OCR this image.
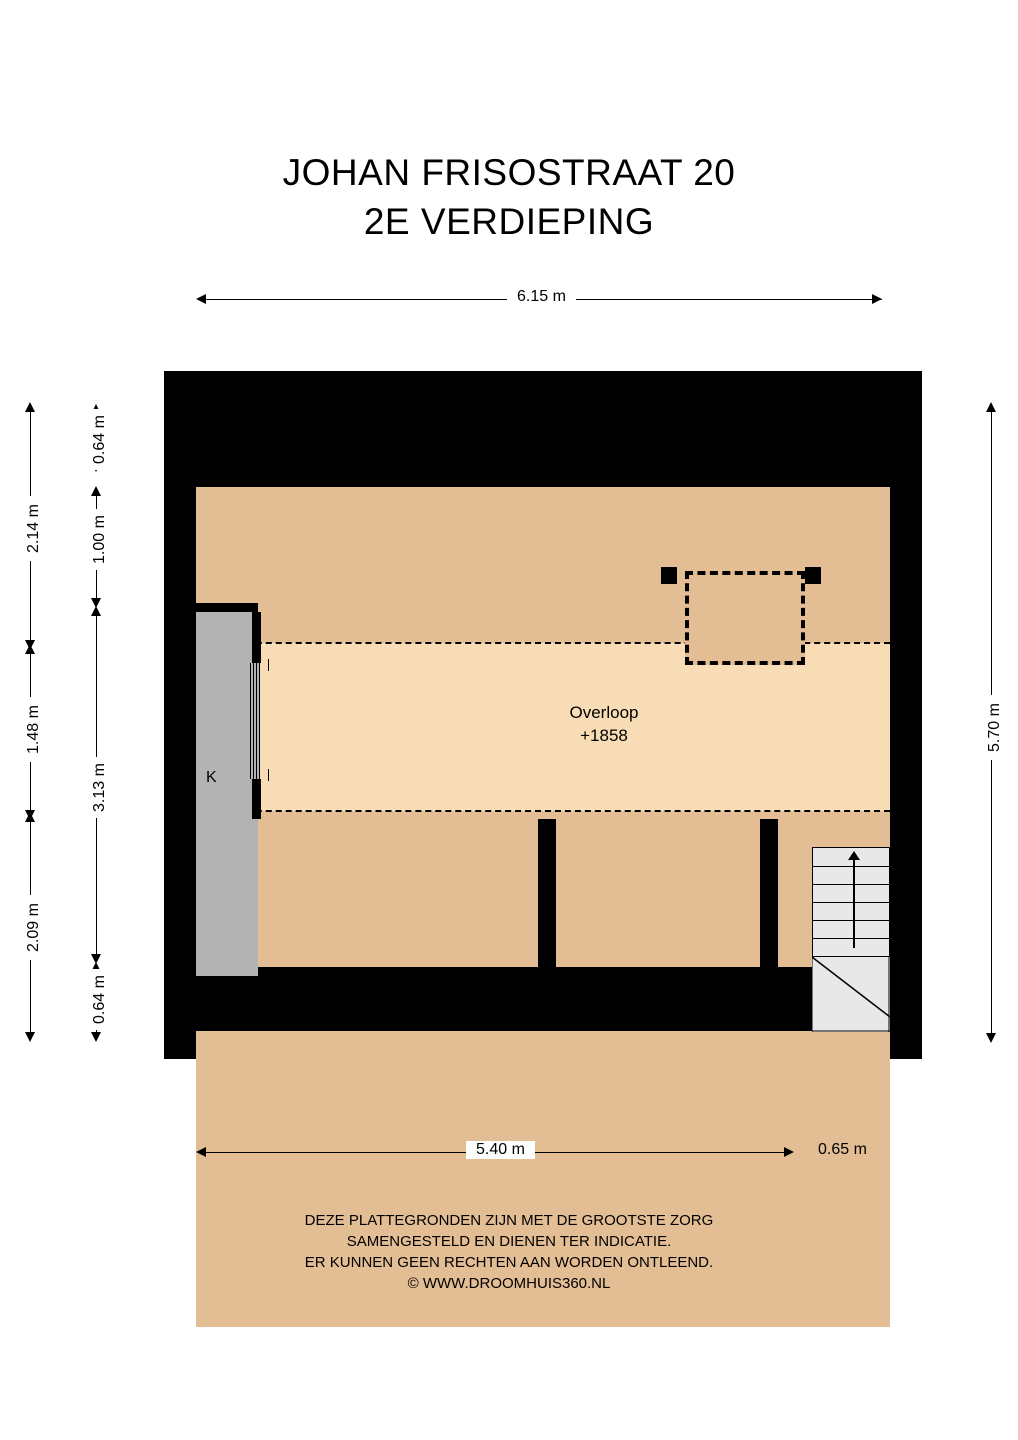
JOHAN FRISOSTRAAT 20
2E VERDIEPING
6.15 m
K
Overloop
+1858	5.70 m
2.14 m
1.48 m
2.09 m
0.64 m
1.00 m
3.13 m
0.64 m
5.40 m	0.65 m
DEZE PLATTEGRONDEN ZIJN MET DE GROOTSTE ZORG
SAMENGESTELD EN DIENEN TER INDICATIE.
ER KUNNEN GEEN RECHTEN AAN WORDEN ONTLEEND.
© WWW.DROOMHUIS360.NL
